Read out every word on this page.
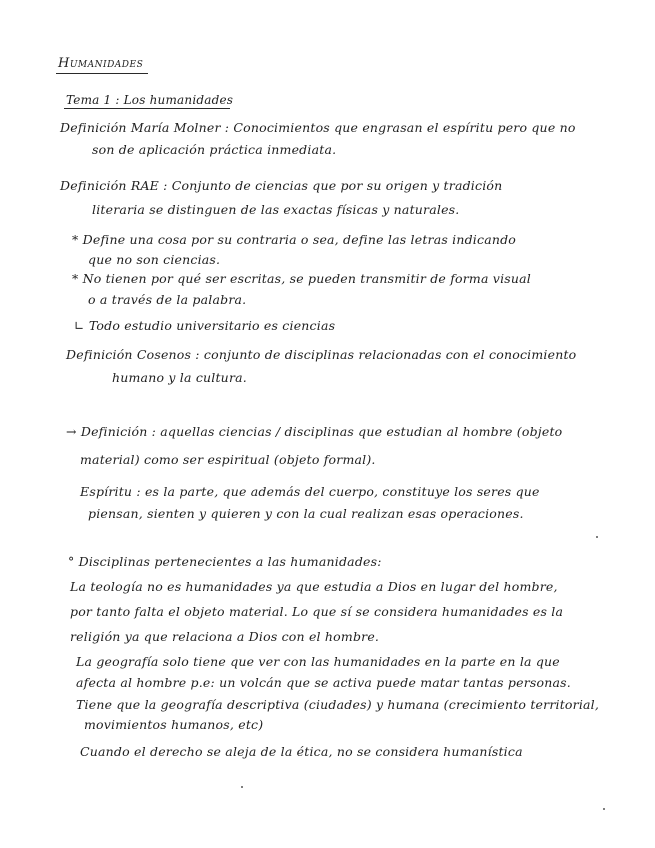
Humanidades
Tema 1 : Los humanidades
Definición María Molner : Conocimientos que engrasan el espíritu pero que no
son de aplicación práctica inmediata.
Definición RAE : Conjunto de ciencias que por su origen y tradición
literaria se distinguen de las exactas físicas y naturales.
* Define una cosa por su contraria o sea, define las letras indicando
que no son ciencias.
* No tienen por qué ser escritas, se pueden transmitir de forma visual
o a través de la palabra.
∟ Todo estudio universitario es ciencias
Definición Cosenos : conjunto de disciplinas relacionadas con el conocimiento
humano y la cultura.
→ Definición : aquellas ciencias / disciplinas que estudian al hombre (objeto
material) como ser espiritual (objeto formal).
Espíritu : es la parte, que además del cuerpo, constituye los seres que
piensan, sienten y quieren y con la cual realizan esas operaciones.
° Disciplinas pertenecientes a las humanidades:
La teología no es humanidades ya que estudia a Dios en lugar del hombre,
por tanto falta el objeto material. Lo que sí se considera humanidades es la
religión ya que relaciona a Dios con el hombre.
La geografía solo tiene que ver con las humanidades en la parte en la que
afecta al hombre p.e: un volcán que se activa puede matar tantas personas.
Tiene que la geografía descriptiva (ciudades) y humana (crecimiento territorial,
movimientos humanos, etc)
Cuando el derecho se aleja de la ética, no se considera humanística
